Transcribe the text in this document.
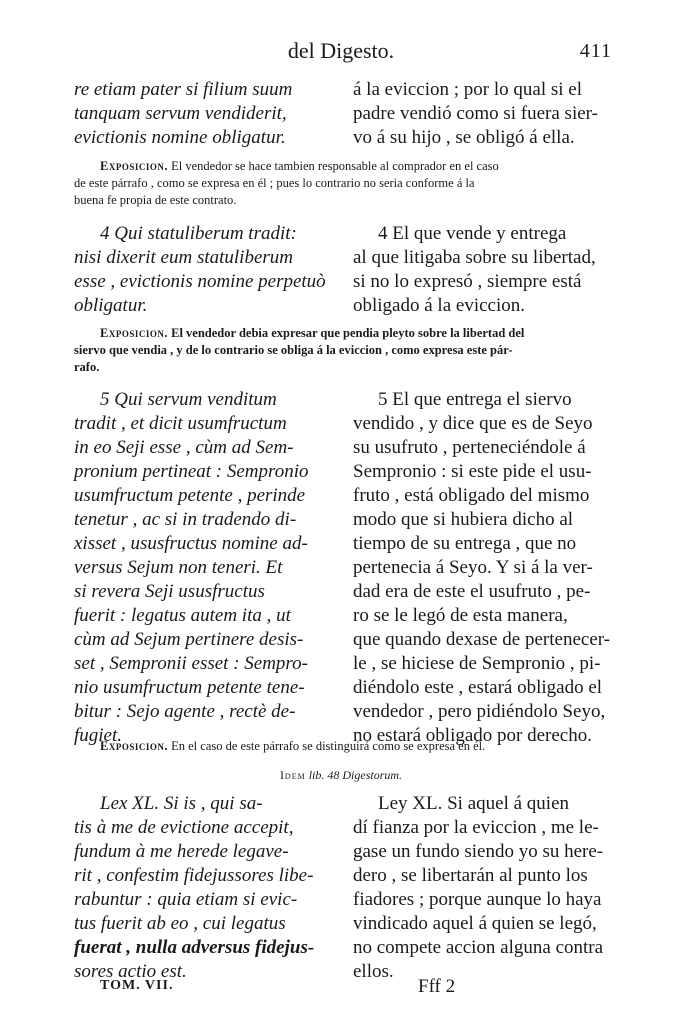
del Digesto.	411
re etiam pater si filium suum
tanquam servum vendiderit,
evictionis nomine obligatur.
á la eviccion ; por lo qual si el
padre vendió como si fuera sier-
vo á su hijo , se obligó á ella.
Exposicion. El vendedor se hace tambien responsable al comprador en el caso
de este párrafo , como se expresa en él ; pues lo contrario no seria conforme á la
buena fe propia de este contrato.
4 Qui statuliberum tradit:
nisi dixerit eum statuliberum
esse , evictionis nomine perpetuò
obligatur.
4 El que vende y entrega
al que litigaba sobre su libertad,
si no lo expresó , siempre está
obligado á la eviccion.
Exposicion. El vendedor debia expresar que pendia pleyto sobre la libertad del
siervo que vendia , y de lo contrario se obliga á la eviccion , como expresa este pár-
rafo.
5 Qui servum venditum
tradit , et dicit usumfructum
in eo Seji esse , cùm ad Sem-
pronium pertineat : Sempronio
usumfructum petente , perinde
tenetur , ac si in tradendo di-
xisset , ususfructus nomine ad-
versus Sejum non teneri. Et
si revera Seji ususfructus
fuerit : legatus autem ita , ut
cùm ad Sejum pertinere desis-
set , Sempronii esset : Sempro-
nio usumfructum petente tene-
bitur : Sejo agente , rectè de-
fugiet.
5 El que entrega el siervo
vendido , y dice que es de Seyo
su usufruto , perteneciéndole á
Sempronio : si este pide el usu-
fruto , está obligado del mismo
modo que si hubiera dicho al
tiempo de su entrega , que no
pertenecia á Seyo. Y si á la ver-
dad era de este el usufruto , pe-
ro se le legó de esta manera,
que quando dexase de pertenecer-
le , se hiciese de Sempronio , pi-
diéndolo este , estará obligado el
vendedor , pero pidiéndolo Seyo,
no estará obligado por derecho.
Exposicion. En el caso de este párrafo se distinguirá como se expresa en él.
Idem lib. 48 Digestorum.
Lex XL. Si is , qui sa-
tis à me de evictione accepit,
fundum à me herede legave-
rit , confestim fidejussores libe-
rabuntur : quia etiam si evic-
tus fuerit ab eo , cui legatus
fuerat , nulla adversus fidejus-
sores actio est.
Ley XL. Si aquel á quien
dí fianza por la eviccion , me le-
gase un fundo siendo yo su here-
dero , se libertarán al punto los
fiadores ; porque aunque lo haya
vindicado aquel á quien se legó,
no compete accion alguna contra
ellos.
TOM. VII.	Fff 2
